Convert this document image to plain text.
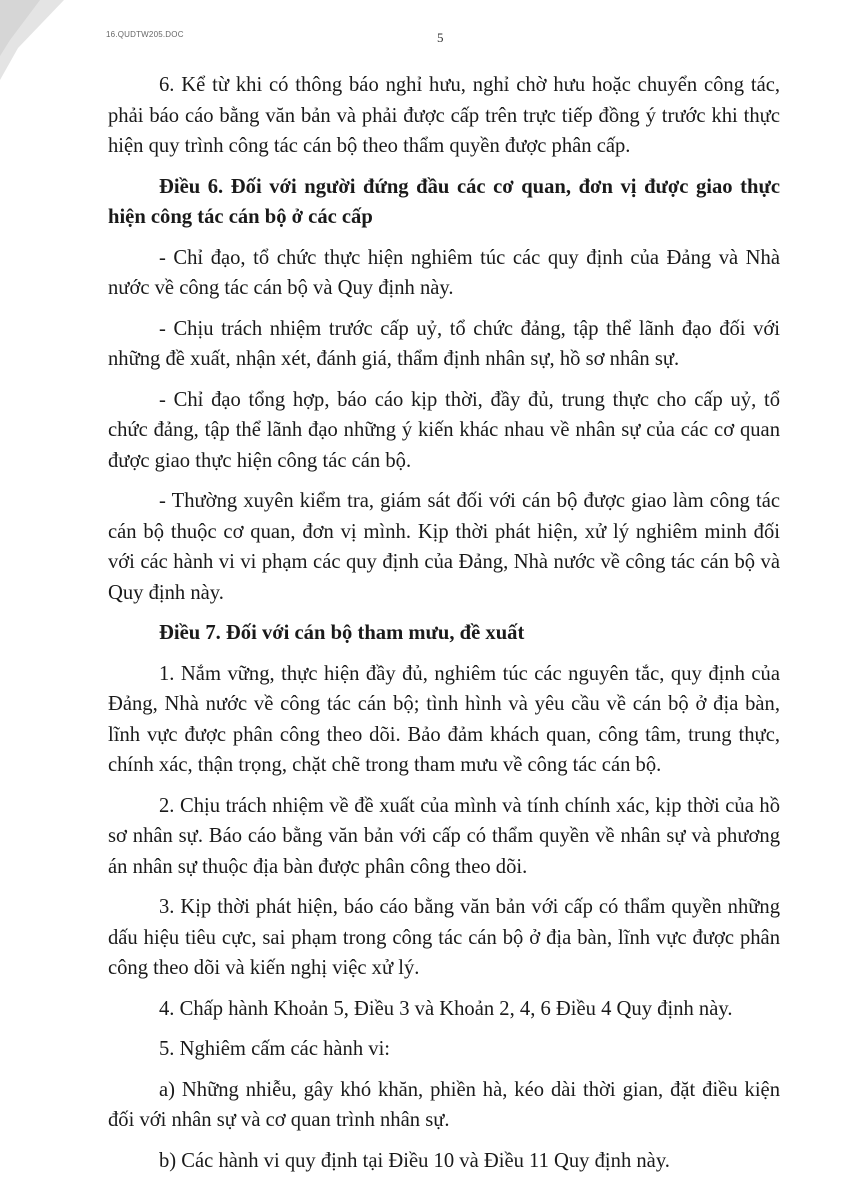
16.QUDTW205.DOC	5

6. Kể từ khi có thông báo nghỉ hưu, nghỉ chờ hưu hoặc chuyển công tác, phải báo cáo bằng văn bản và phải được cấp trên trực tiếp đồng ý trước khi thực hiện quy trình công tác cán bộ theo thẩm quyền được phân cấp.

Điều 6. Đối với người đứng đầu các cơ quan, đơn vị được giao thực hiện công tác cán bộ ở các cấp

- Chỉ đạo, tổ chức thực hiện nghiêm túc các quy định của Đảng và Nhà nước về công tác cán bộ và Quy định này.

- Chịu trách nhiệm trước cấp uỷ, tổ chức đảng, tập thể lãnh đạo đối với những đề xuất, nhận xét, đánh giá, thẩm định nhân sự, hồ sơ nhân sự.

- Chỉ đạo tổng hợp, báo cáo kịp thời, đầy đủ, trung thực cho cấp uỷ, tổ chức đảng, tập thể lãnh đạo những ý kiến khác nhau về nhân sự của các cơ quan được giao thực hiện công tác cán bộ.

- Thường xuyên kiểm tra, giám sát đối với cán bộ được giao làm công tác cán bộ thuộc cơ quan, đơn vị mình. Kịp thời phát hiện, xử lý nghiêm minh đối với các hành vi vi phạm các quy định của Đảng, Nhà nước về công tác cán bộ và Quy định này.

Điều 7. Đối với cán bộ tham mưu, đề xuất

1. Nắm vững, thực hiện đầy đủ, nghiêm túc các nguyên tắc, quy định của Đảng, Nhà nước về công tác cán bộ; tình hình và yêu cầu về cán bộ ở địa bàn, lĩnh vực được phân công theo dõi. Bảo đảm khách quan, công tâm, trung thực, chính xác, thận trọng, chặt chẽ trong tham mưu về công tác cán bộ.

2. Chịu trách nhiệm về đề xuất của mình và tính chính xác, kịp thời của hồ sơ nhân sự. Báo cáo bằng văn bản với cấp có thẩm quyền về nhân sự và phương án nhân sự thuộc địa bàn được phân công theo dõi.

3. Kịp thời phát hiện, báo cáo bằng văn bản với cấp có thẩm quyền những dấu hiệu tiêu cực, sai phạm trong công tác cán bộ ở địa bàn, lĩnh vực được phân công theo dõi và kiến nghị việc xử lý.

4. Chấp hành Khoản 5, Điều 3 và Khoản 2, 4, 6 Điều 4 Quy định này.

5. Nghiêm cấm các hành vi:

a) Những nhiễu, gây khó khăn, phiền hà, kéo dài thời gian, đặt điều kiện đối với nhân sự và cơ quan trình nhân sự.

b) Các hành vi quy định tại Điều 10 và Điều 11 Quy định này.
